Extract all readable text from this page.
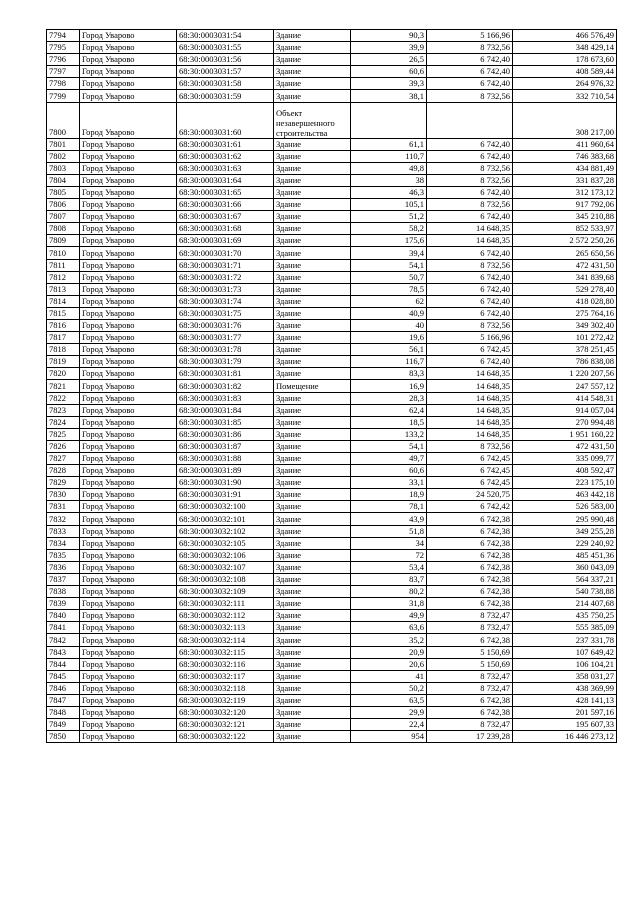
7794	Город Уварово	68:30:0003031:54	Здание	90,3	5 166,96	466 576,49
7795	Город Уварово	68:30:0003031:55	Здание	39,9	8 732,56	348 429,14
7796	Город Уварово	68:30:0003031:56	Здание	26,5	6 742,40	178 673,60
7797	Город Уварово	68:30:0003031:57	Здание	60,6	6 742,40	408 589,44
7798	Город Уварово	68:30:0003031:58	Здание	39,3	6 742,40	264 976,32
7799	Город Уварово	68:30:0003031:59	Здание	38,1	8 732,56	332 710,54
7800	Город Уварово	68:30:0003031:60	Объект незавершенного строительства			308 217,00
7801	Город Уварово	68:30:0003031:61	Здание	61,1	6 742,40	411 960,64
7802	Город Уварово	68:30:0003031:62	Здание	110,7	6 742,40	746 383,68
7803	Город Уварово	68:30:0003031:63	Здание	49,8	8 732,56	434 881,49
7804	Город Уварово	68:30:0003031:64	Здание	38	8 732,56	331 837,28
7805	Город Уварово	68:30:0003031:65	Здание	46,3	6 742,40	312 173,12
7806	Город Уварово	68:30:0003031:66	Здание	105,1	8 732,56	917 792,06
7807	Город Уварово	68:30:0003031:67	Здание	51,2	6 742,40	345 210,88
7808	Город Уварово	68:30:0003031:68	Здание	58,2	14 648,35	852 533,97
7809	Город Уварово	68:30:0003031:69	Здание	175,6	14 648,35	2 572 250,26
7810	Город Уварово	68:30:0003031:70	Здание	39,4	6 742,40	265 650,56
7811	Город Уварово	68:30:0003031:71	Здание	54,1	8 732,56	472 431,50
7812	Город Уварово	68:30:0003031:72	Здание	50,7	6 742,40	341 839,68
7813	Город Уварово	68:30:0003031:73	Здание	78,5	6 742,40	529 278,40
7814	Город Уварово	68:30:0003031:74	Здание	62	6 742,40	418 028,80
7815	Город Уварово	68:30:0003031:75	Здание	40,9	6 742,40	275 764,16
7816	Город Уварово	68:30:0003031:76	Здание	40	8 732,56	349 302,40
7817	Город Уварово	68:30:0003031:77	Здание	19,6	5 166,96	101 272,42
7818	Город Уварово	68:30:0003031:78	Здание	56,1	6 742,45	378 251,45
7819	Город Уварово	68:30:0003031:79	Здание	116,7	6 742,40	786 838,08
7820	Город Уварово	68:30:0003031:81	Здание	83,3	14 648,35	1 220 207,56
7821	Город Уварово	68:30:0003031:82	Помещение	16,9	14 648,35	247 557,12
7822	Город Уварово	68:30:0003031:83	Здание	28,3	14 648,35	414 548,31
7823	Город Уварово	68:30:0003031:84	Здание	62,4	14 648,35	914 057,04
7824	Город Уварово	68:30:0003031:85	Здание	18,5	14 648,35	270 994,48
7825	Город Уварово	68:30:0003031:86	Здание	133,2	14 648,35	1 951 160,22
7826	Город Уварово	68:30:0003031:87	Здание	54,1	8 732,56	472 431,50
7827	Город Уварово	68:30:0003031:88	Здание	49,7	6 742,45	335 099,77
7828	Город Уварово	68:30:0003031:89	Здание	60,6	6 742,45	408 592,47
7829	Город Уварово	68:30:0003031:90	Здание	33,1	6 742,45	223 175,10
7830	Город Уварово	68:30:0003031:91	Здание	18,9	24 520,75	463 442,18
7831	Город Уварово	68:30:0003032:100	Здание	78,1	6 742,42	526 583,00
7832	Город Уварово	68:30:0003032:101	Здание	43,9	6 742,38	295 990,48
7833	Город Уварово	68:30:0003032:102	Здание	51,8	6 742,38	349 255,28
7834	Город Уварово	68:30:0003032:105	Здание	34	6 742,38	229 240,92
7835	Город Уварово	68:30:0003032:106	Здание	72	6 742,38	485 451,36
7836	Город Уварово	68:30:0003032:107	Здание	53,4	6 742,38	360 043,09
7837	Город Уварово	68:30:0003032:108	Здание	83,7	6 742,38	564 337,21
7838	Город Уварово	68:30:0003032:109	Здание	80,2	6 742,38	540 738,88
7839	Город Уварово	68:30:0003032:111	Здание	31,8	6 742,38	214 407,68
7840	Город Уварово	68:30:0003032:112	Здание	49,9	8 732,47	435 750,25
7841	Город Уварово	68:30:0003032:113	Здание	63,6	8 732,47	555 385,09
7842	Город Уварово	68:30:0003032:114	Здание	35,2	6 742,38	237 331,78
7843	Город Уварово	68:30:0003032:115	Здание	20,9	5 150,69	107 649,42
7844	Город Уварово	68:30:0003032:116	Здание	20,6	5 150,69	106 104,21
7845	Город Уварово	68:30:0003032:117	Здание	41	8 732,47	358 031,27
7846	Город Уварово	68:30:0003032:118	Здание	50,2	8 732,47	438 369,99
7847	Город Уварово	68:30:0003032:119	Здание	63,5	6 742,38	428 141,13
7848	Город Уварово	68:30:0003032:120	Здание	29,9	6 742,38	201 597,16
7849	Город Уварово	68:30:0003032:121	Здание	22,4	8 732,47	195 607,33
7850	Город Уварово	68:30:0003032:122	Здание	954	17 239,28	16 446 273,12
